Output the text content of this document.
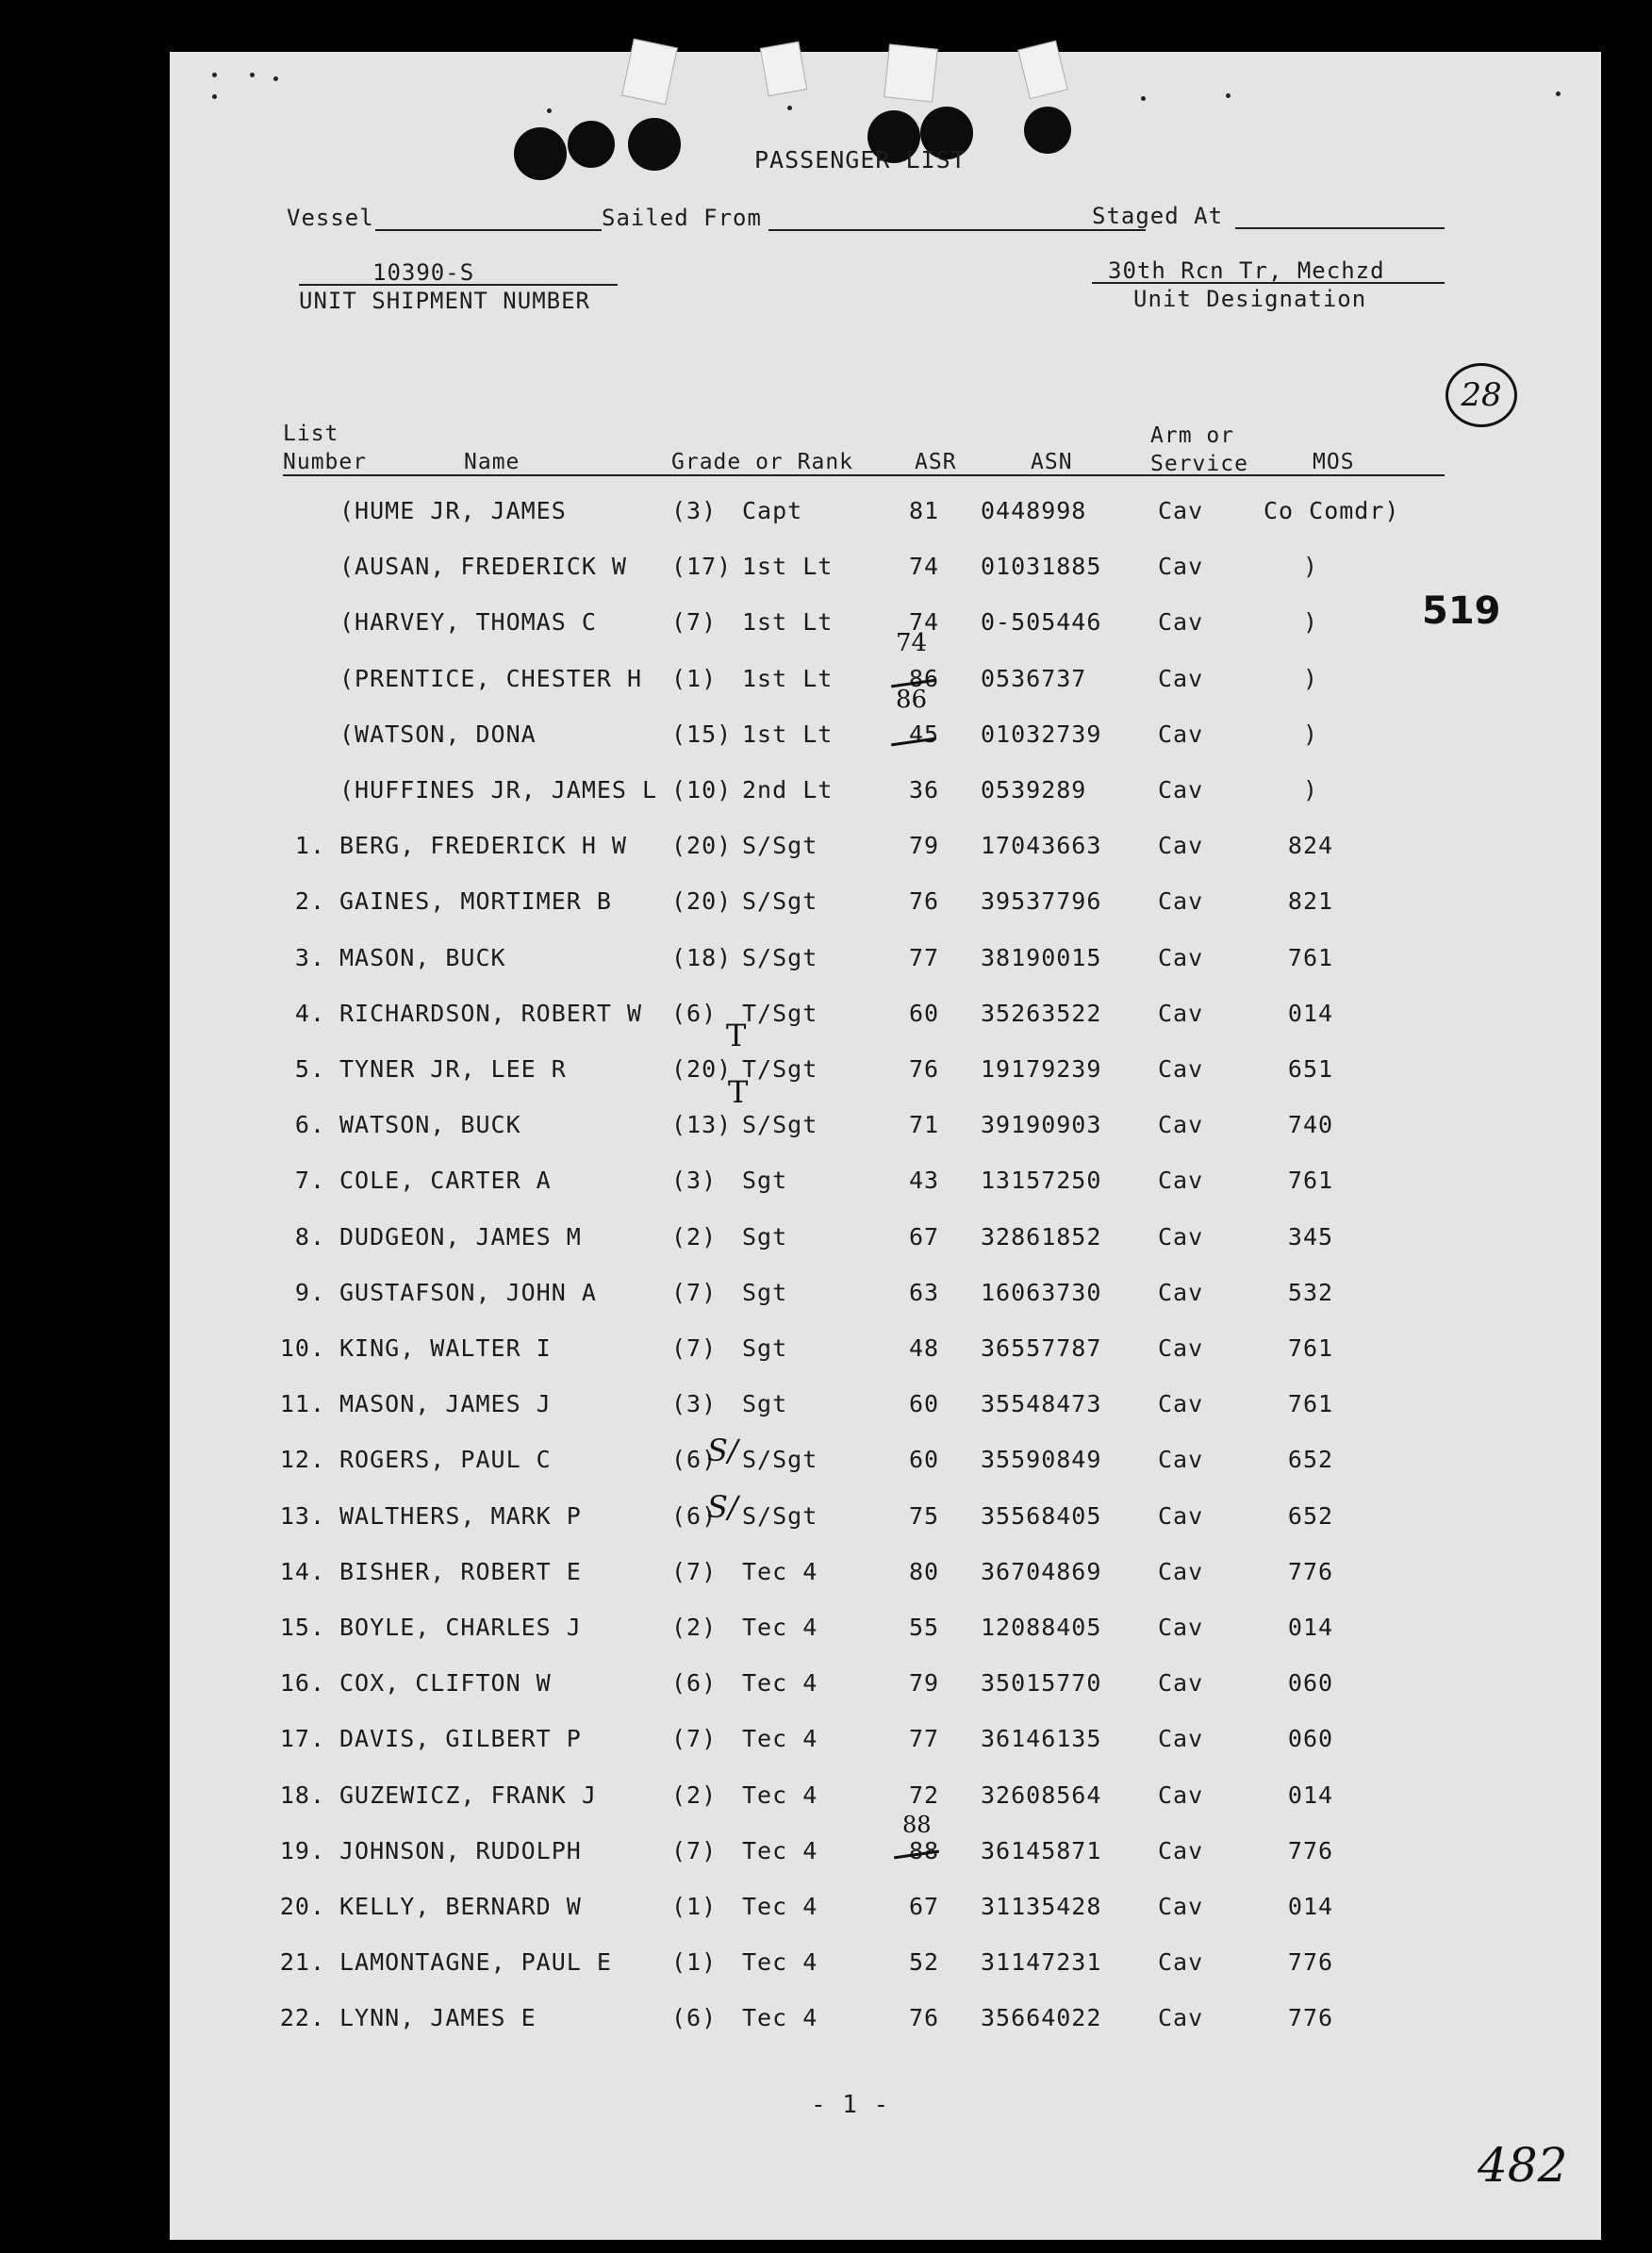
PASSENGER LIST
Vessel	Sailed From	Staged At
10390-S
UNIT SHIPMENT NUMBER
30th Rcn Tr, Mechzd
Unit Designation
28
List
Number	Name	Grade or Rank	ASR	ASN
Arm or
Service	MOS
(HUME JR, JAMES	(3) Capt	81	0448998	Cav	Co Comdr)
(AUSAN, FREDERICK W (17) 1st Lt	74	01031885 Cav	)
(HARVEY, THOMAS C	(7) 1st Lt	74	0-505446 Cav	)
(PRENTICE, CHESTER H (1) 1st Lt	86	0536737	Cav	)
(WATSON, DONA	(15) 1st Lt	45	01032739 Cav	)
(HUFFINES JR, JAMES L (10) 2nd Lt	36	0539289	Cav	)
1. BERG, FREDERICK H W (20) S/Sgt	79	17043663 Cav	824
2. GAINES, MORTIMER B	(20) S/Sgt	76	39537796 Cav	821
3. MASON, BUCK	(18) S/Sgt	77	38190015 Cav	761
4. RICHARDSON, ROBERT W (6) T/Sgt	60	35263522 Cav	014
5. TYNER JR, LEE R	(20) T/Sgt	76	19179239 Cav	651
6. WATSON, BUCK	(13) S/Sgt	71	39190903 Cav	740
7. COLE, CARTER A	(3) Sgt	43	13157250 Cav	761
8. DUDGEON, JAMES M	(2) Sgt	67	32861852 Cav	345
9. GUSTAFSON, JOHN A	(7) Sgt	63	16063730 Cav	532
10. KING, WALTER I	(7) Sgt	48	36557787 Cav	761
11. MASON, JAMES J	(3) Sgt	60	35548473 Cav	761
12. ROGERS, PAUL C	(6) S/Sgt	60	35590849 Cav	652
13. WALTHERS, MARK P	(6) S/Sgt	75	35568405 Cav	652
14. BISHER, ROBERT E	(7) Tec 4	80	36704869 Cav	776
15. BOYLE, CHARLES J	(2) Tec 4	55	12088405 Cav	014
16. COX, CLIFTON W	(6) Tec 4	79	35015770 Cav	060
17. DAVIS, GILBERT P	(7) Tec 4	77	36146135 Cav	060
18. GUZEWICZ, FRANK J	(2) Tec 4	72	32608564 Cav	014
19. JOHNSON, RUDOLPH	(7) Tec 4	88	36145871 Cav	776
20. KELLY, BERNARD W	(1) Tec 4	67	31135428 Cav	014
21. LAMONTAGNE, PAUL E	(1) Tec 4	52	31147231 Cav	776
22. LYNN, JAMES E	(6) Tec 4	76	35664022 Cav	776
519
74
86
88
T
T
S/
S/
- 1 -
482
